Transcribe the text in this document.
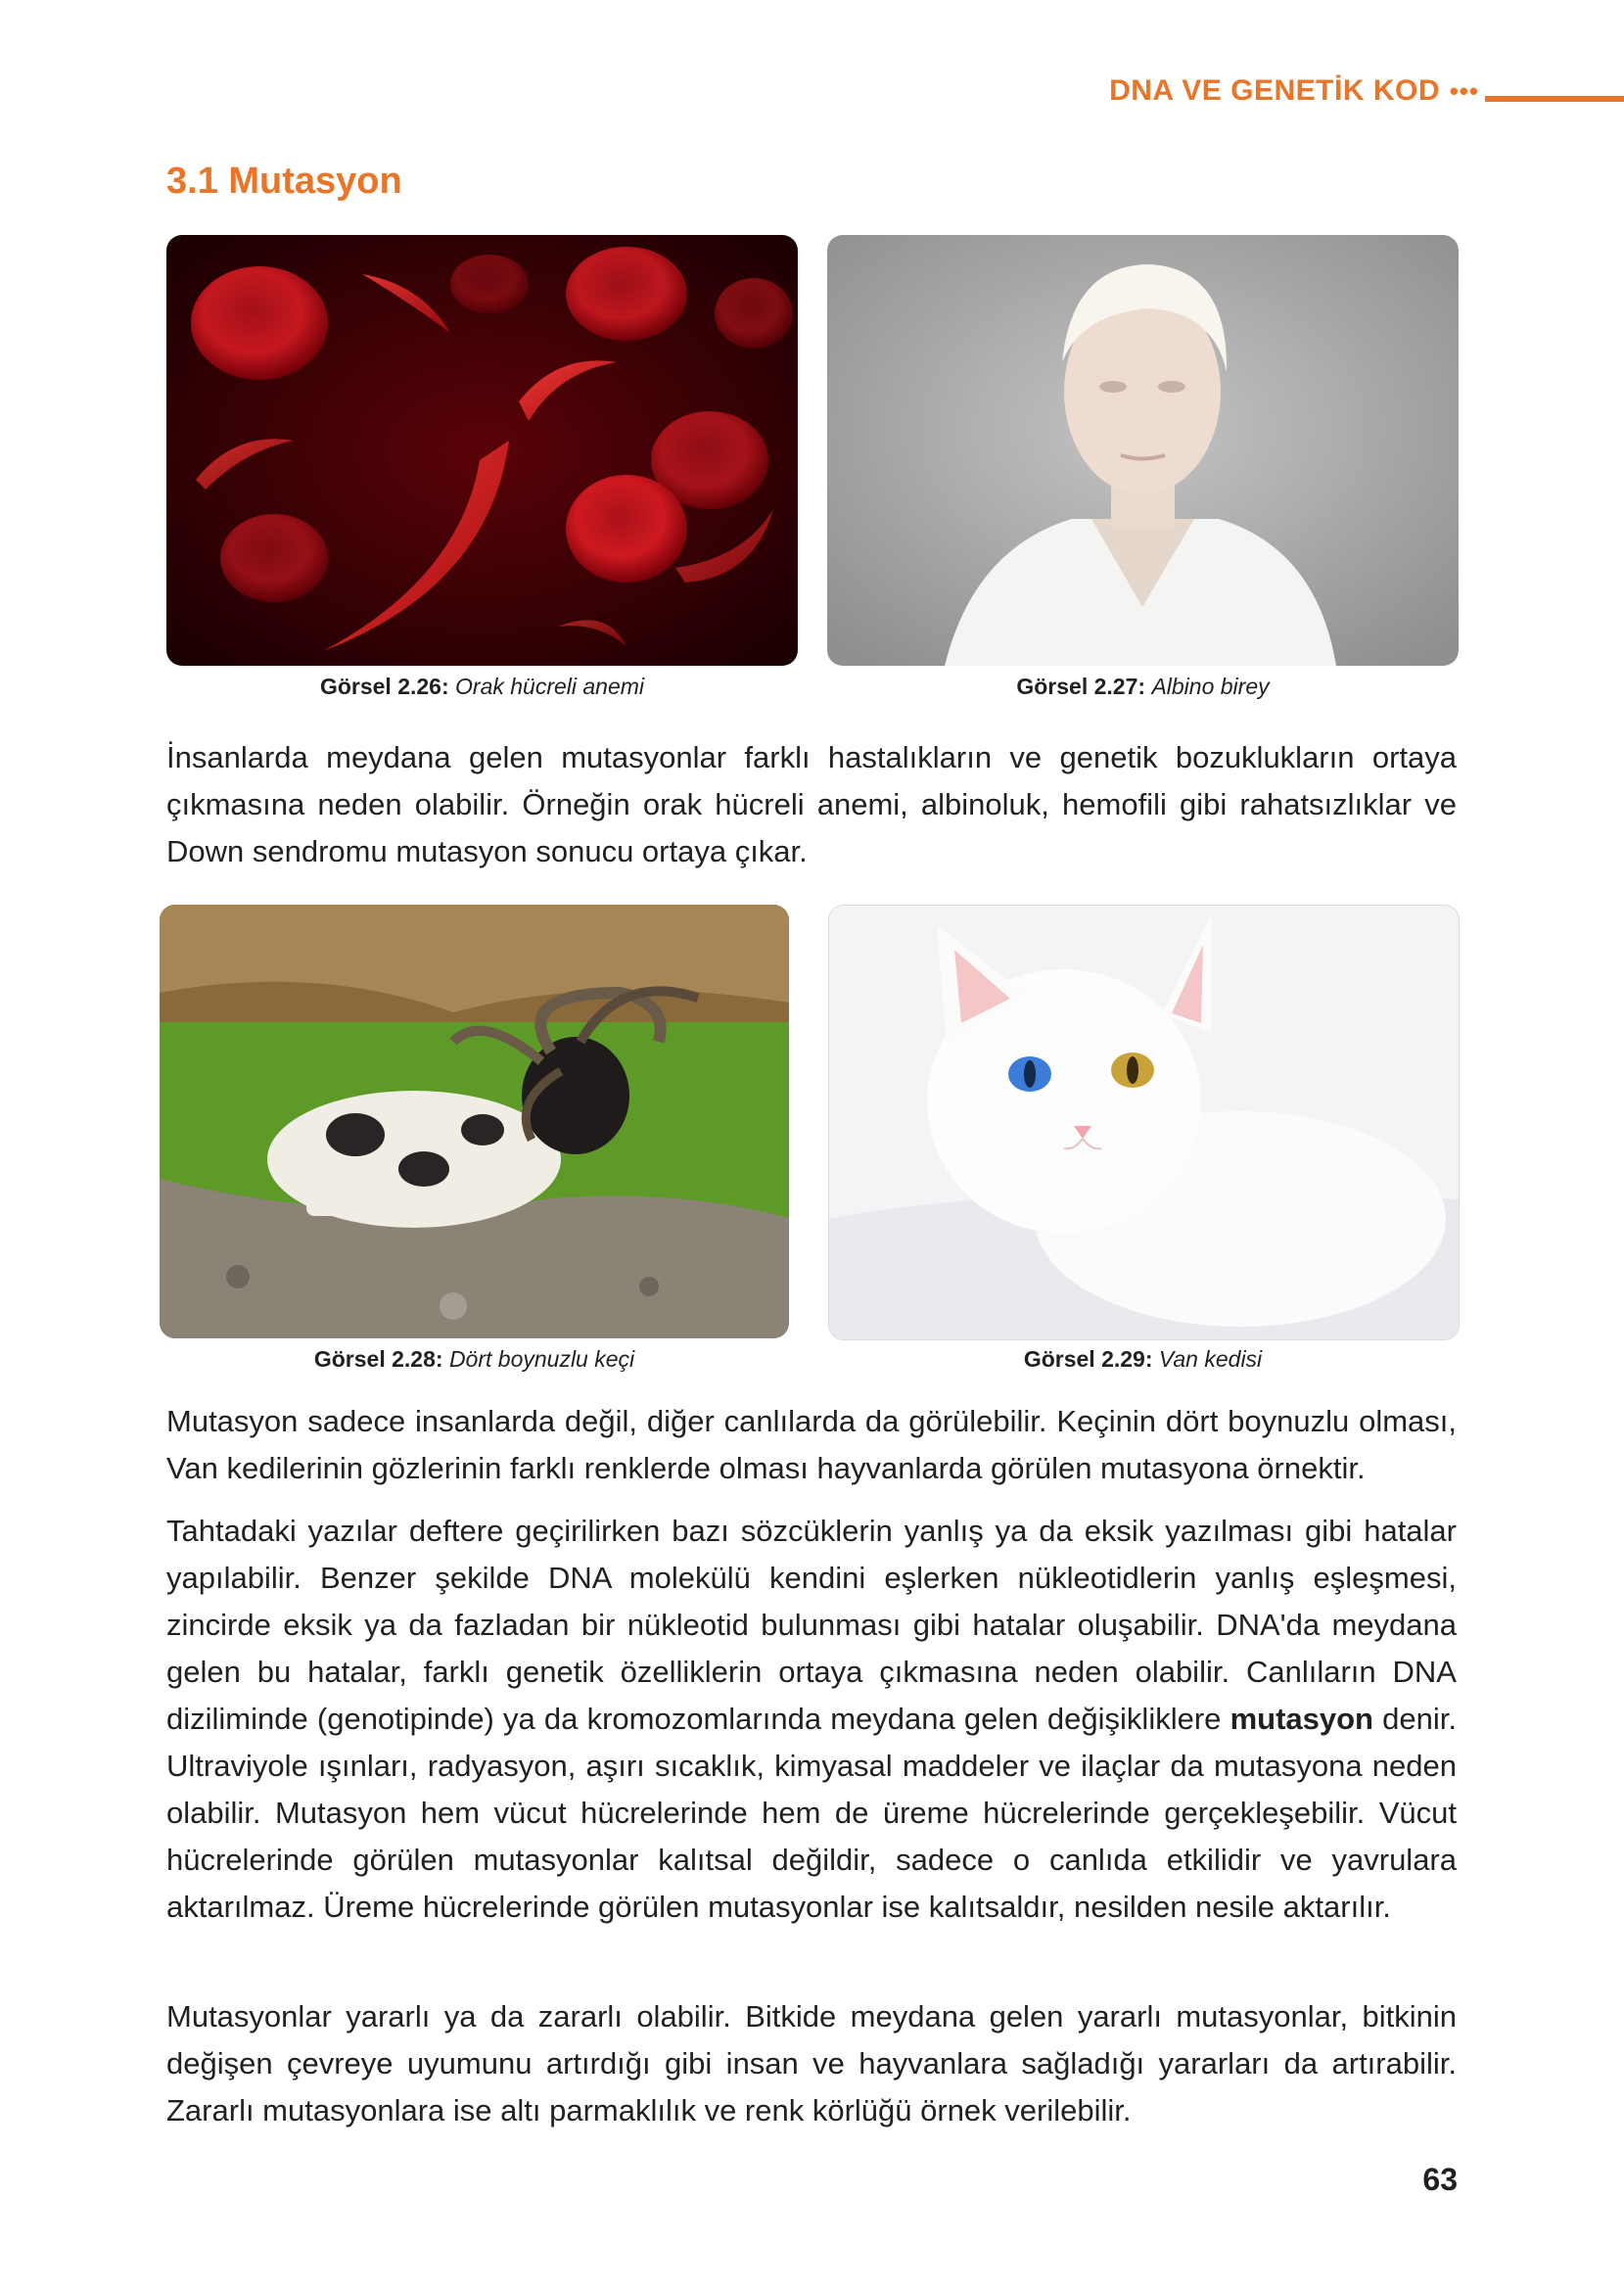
DNA VE GENETİK KOD •••
3.1 Mutasyon
Görsel 2.26: Orak hücreli anemi	Görsel 2.27: Albino birey

İnsanlarda meydana gelen mutasyonlar farklı hastalıkların ve genetik bozuklukların ortaya çıkmasına neden olabilir. Örneğin orak hücreli anemi, albinoluk, hemofili gibi rahatsızlıklar ve Down sendromu mutasyon sonucu ortaya çıkar.

Görsel 2.28: Dört boynuzlu keçi	Görsel 2.29: Van kedisi

Mutasyon sadece insanlarda değil, diğer canlılarda da görülebilir. Keçinin dört boynuzlu olması, Van kedilerinin gözlerinin farklı renklerde olması hayvanlarda görülen mutasyona örnektir.

Tahtadaki yazılar deftere geçirilirken bazı sözcüklerin yanlış ya da eksik yazılması gibi hatalar yapılabilir. Benzer şekilde DNA molekülü kendini eşlerken nükleotidlerin yanlış eşleşmesi, zincirde eksik ya da fazladan bir nükleotid bulunması gibi hatalar oluşabilir. DNA'da meydana gelen bu hatalar, farklı genetik özelliklerin ortaya çıkmasına neden olabilir. Canlıların DNA diziliminde (genotipinde) ya da kromozomlarında meydana gelen değişikliklere mutasyon denir. Ultraviyole ışınları, radyasyon, aşırı sıcaklık, kimyasal maddeler ve ilaçlar da mutasyona neden olabilir. Mutasyon hem vücut hücrelerinde hem de üreme hücrelerinde gerçekleşebilir. Vücut hücrelerinde görülen mutasyonlar kalıtsal değildir, sadece o canlıda etkilidir ve yavrulara aktarılmaz. Üreme hücrelerinde görülen mutasyonlar ise kalıtsaldır, nesilden nesile aktarılır.

Mutasyonlar yararlı ya da zararlı olabilir. Bitkide meydana gelen yararlı mutasyonlar, bitkinin değişen çevreye uyumunu artırdığı gibi insan ve hayvanlara sağladığı yararları da artırabilir. Zararlı mutasyonlara ise altı parmaklılık ve renk körlüğü örnek verilebilir.

63
